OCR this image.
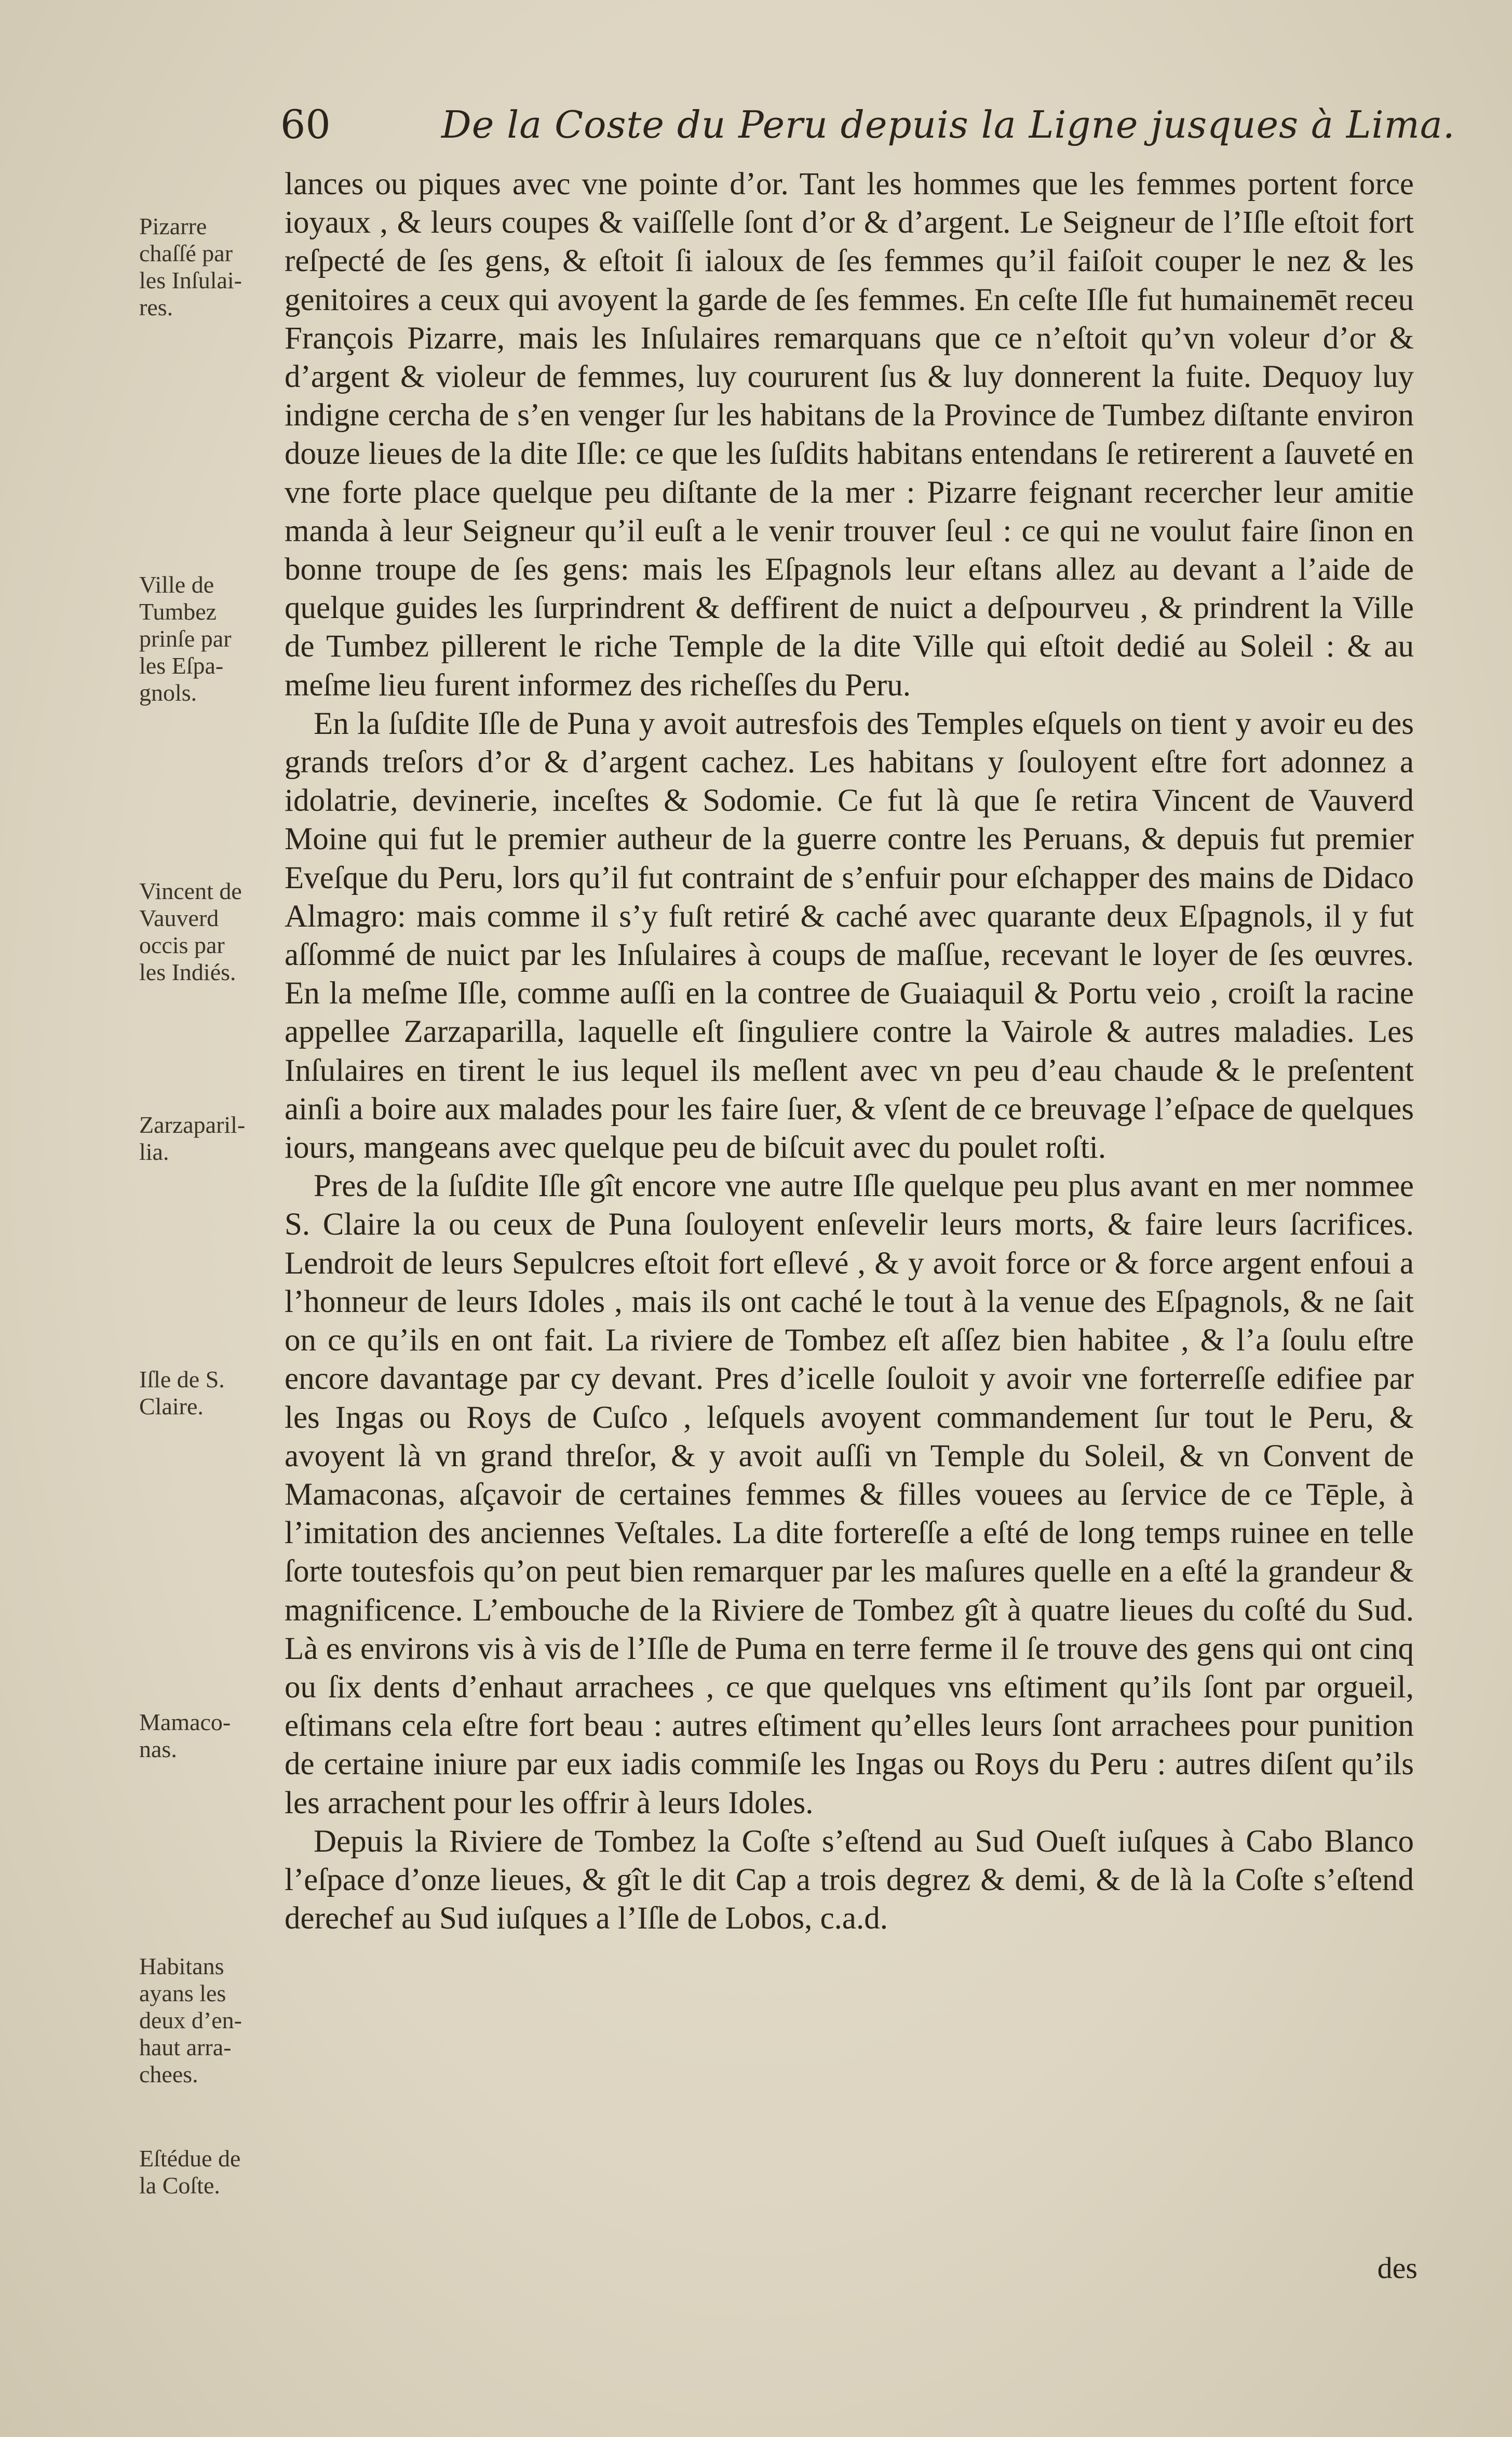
60	De la Coste du Peru depuis la Ligne jusques à Lima.

lances ou piques avec vne pointe d’or. Tant les hommes que les femmes portent force ioyaux , & leurs coupes & vaiſſelle ſont d’or & d’argent. Le Seigneur de l’Iſle eſtoit fort reſpecté de ſes gens, & eſtoit ſi ialoux de ſes femmes qu’il faiſoit couper le nez & les genitoires a ceux qui avoyent la garde de ſes femmes. En ceſte Iſle fut humainemēt receu François Pizarre, mais les Inſulaires remarquans que ce n’eſtoit qu’vn voleur d’or & d’argent & violeur de femmes, luy coururent ſus & luy donnerent la fuite. Dequoy luy indigne cercha de s’en venger ſur les habitans de la Province de Tumbez diſtante environ douze lieues de la dite Iſle: ce que les ſuſdits habitans entendans ſe retirerent a ſauveté en vne forte place quelque peu diſtante de la mer : Pizarre feignant recercher leur amitie manda à leur Seigneur qu’il euſt a le venir trouver ſeul : ce qui ne voulut faire ſinon en bonne troupe de ſes gens: mais les Eſpagnols leur eſtans allez au devant a l’aide de quelque guides les ſurprindrent & deffirent de nuict a deſpourveu , & prindrent la Ville de Tumbez pillerent le riche Temple de la dite Ville qui eſtoit dedié au Soleil : & au meſme lieu furent informez des richeſſes du Peru.

En la ſuſdite Iſle de Puna y avoit autresfois des Temples eſquels on tient y avoir eu des grands treſors d’or & d’argent cachez. Les habitans y ſouloyent eſtre fort adonnez a idolatrie, devinerie, inceſtes & Sodomie. Ce fut là que ſe retira Vincent de Vauverd Moine qui fut le premier autheur de la guerre contre les Peruans, & depuis fut premier Eveſque du Peru, lors qu’il fut contraint de s’enfuir pour eſchapper des mains de Didaco Almagro: mais comme il s’y fuſt retiré & caché avec quarante deux Eſpagnols, il y fut aſſommé de nuict par les Inſulaires à coups de maſſue, recevant le loyer de ſes œuvres. En la meſme Iſle, comme auſſi en la contree de Guaiaquil & Portu veio , croiſt la racine appellee Zarzaparilla, laquelle eſt ſinguliere contre la Vairole & autres maladies. Les Inſulaires en tirent le ius lequel ils meſlent avec vn peu d’eau chaude & le preſentent ainſi a boire aux malades pour les faire ſuer, & vſent de ce breuvage l’eſpace de quelques iours, mangeans avec quelque peu de biſcuit avec du poulet roſti.

Pres de la ſuſdite Iſle gît encore vne autre Iſle quelque peu plus avant en mer nommee S. Claire la ou ceux de Puna ſouloyent enſevelir leurs morts, & faire leurs ſacrifices. Lendroit de leurs Sepulcres eſtoit fort eſlevé , & y avoit force or & force argent enfoui a l’honneur de leurs Idoles , mais ils ont caché le tout à la venue des Eſpagnols, & ne ſait on ce qu’ils en ont fait. La riviere de Tombez eſt aſſez bien habitee , & l’a ſoulu eſtre encore davantage par cy devant. Pres d’icelle ſouloit y avoir vne forterreſſe edifiee par les Ingas ou Roys de Cuſco , leſquels avoyent commandement ſur tout le Peru, & avoyent là vn grand threſor, & y avoit auſſi vn Temple du Soleil, & vn Convent de Mamaconas, aſçavoir de certaines femmes & filles vouees au ſervice de ce Tēple, à l’imitation des anciennes Veſtales. La dite fortereſſe a eſté de long temps ruinee en telle ſorte toutesfois qu’on peut bien remarquer par les maſures quelle en a eſté la grandeur & magnificence. L’embouche de la Riviere de Tombez gît à quatre lieues du coſté du Sud. Là es environs vis à vis de l’Iſle de Puma en terre ferme il ſe trouve des gens qui ont cinq ou ſix dents d’enhaut arrachees , ce que quelques vns eſtiment qu’ils ſont par orgueil, eſtimans cela eſtre fort beau : autres eſtiment qu’elles leurs ſont arrachees pour punition de certaine iniure par eux iadis commiſe les Ingas ou Roys du Peru : autres diſent qu’ils les arrachent pour les offrir à leurs Idoles.

Depuis la Riviere de Tombez la Coſte s’eſtend au Sud Oueſt iuſques à Cabo Blanco l’eſpace d’onze lieues, & gît le dit Cap a trois degrez & demi, & de là la Coſte s’eſtend derechef au Sud iuſques a l’Iſle de Lobos, c.a.d.

des
Pizarre
chaſſé par
les Inſulai-
res.
Ville de
Tumbez
prinſe par
les Eſpa-
gnols.
Vincent de
Vauverd
occis par
les Indiés.
Zarzaparil-
lia.
Iſle de S.
Claire.
Mamaco-
nas.
Habitans
ayans les
deux d’en-
haut arra-
chees.
Eſtédue de
la Coſte.
